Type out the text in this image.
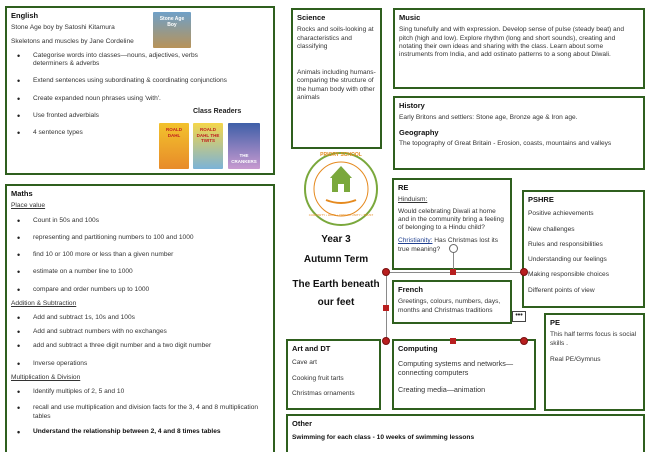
English

Stone Age boy by Satoshi Kitamura

Skeletons and muscles by Jane Cordeline

• Categorise words into classes—nouns, adjectives, verbs determiners & adverbs
• Extend sentences using subordinating & coordinating conjunctions
• Create expanded noun phrases using 'with'.
• Use fronted adverbials
• 4 sentence types
Class Readers
Stone Age Boy
ROALD DAHL
ROALD DAHL THE TWITS
THE CRANKERS
Maths

Place value

• Count in 50s and 100s
• representing and partitioning numbers to 100 and 1000
• find 10 or 100 more or less than a given number
• estimate on a number line to 1000
• compare and order numbers up to 1000

Addition & Subtraction

• Add and subtract 1s, 10s and 100s
• Add and subtract numbers with no exchanges
• add and subtract a three digit number and a two digit number
• Inverse operations

Multiplication & Division

• Identify multiples of 2, 5 and 10
• recall and use multiplication and division facts for the 3, 4 and 8 multiplication tables
• Understand the relationship between 2, 4 and 8 times tables
Science

Rocks and soils-looking at characteristics and classifying

Animals including humans- comparing the structure of the human body with other animals

Music

Sing tunefully and with expression. Develop sense of pulse (steady beat) and pitch (high and low). Explore rhythm (long and short sounds), creating and notating their own ideas and sharing with the class. Learn about some instruments from India, and add ostinato patterns to a song about Diwali.

History

Early Britons and settlers: Stone age, Bronze age & Iron age.

Geography

The topography of Great Britain - Erosion, coasts, mountains and valleys

PRIORY SCHOOL
CURIOSITY • HOPE • OPPORTUNITY • TRUST
Year 3
Autumn Term
The Earth beneath
our feet
RE

Hinduism:

Would celebrating Diwali at home and in the community bring a feeling of belonging to a Hindu child?

Christianity: Has Christmas lost its true meaning?

PSHRE

Positive achievements

New challenges

Rules and responsibilities

Understanding our feelings

Making responsible choices

Different points of view

French

Greetings, colours, numbers, days, months and Christmas traditions

•••
Art and DT

Cave art

Cooking fruit tarts

Christmas ornaments

Computing

Computing systems and networks—connecting computers

Creating media—animation

PE

This half terms focus is social skills .

Real PE/Gymnus

Other

Swimming for each class - 10 weeks of swimming lessons
